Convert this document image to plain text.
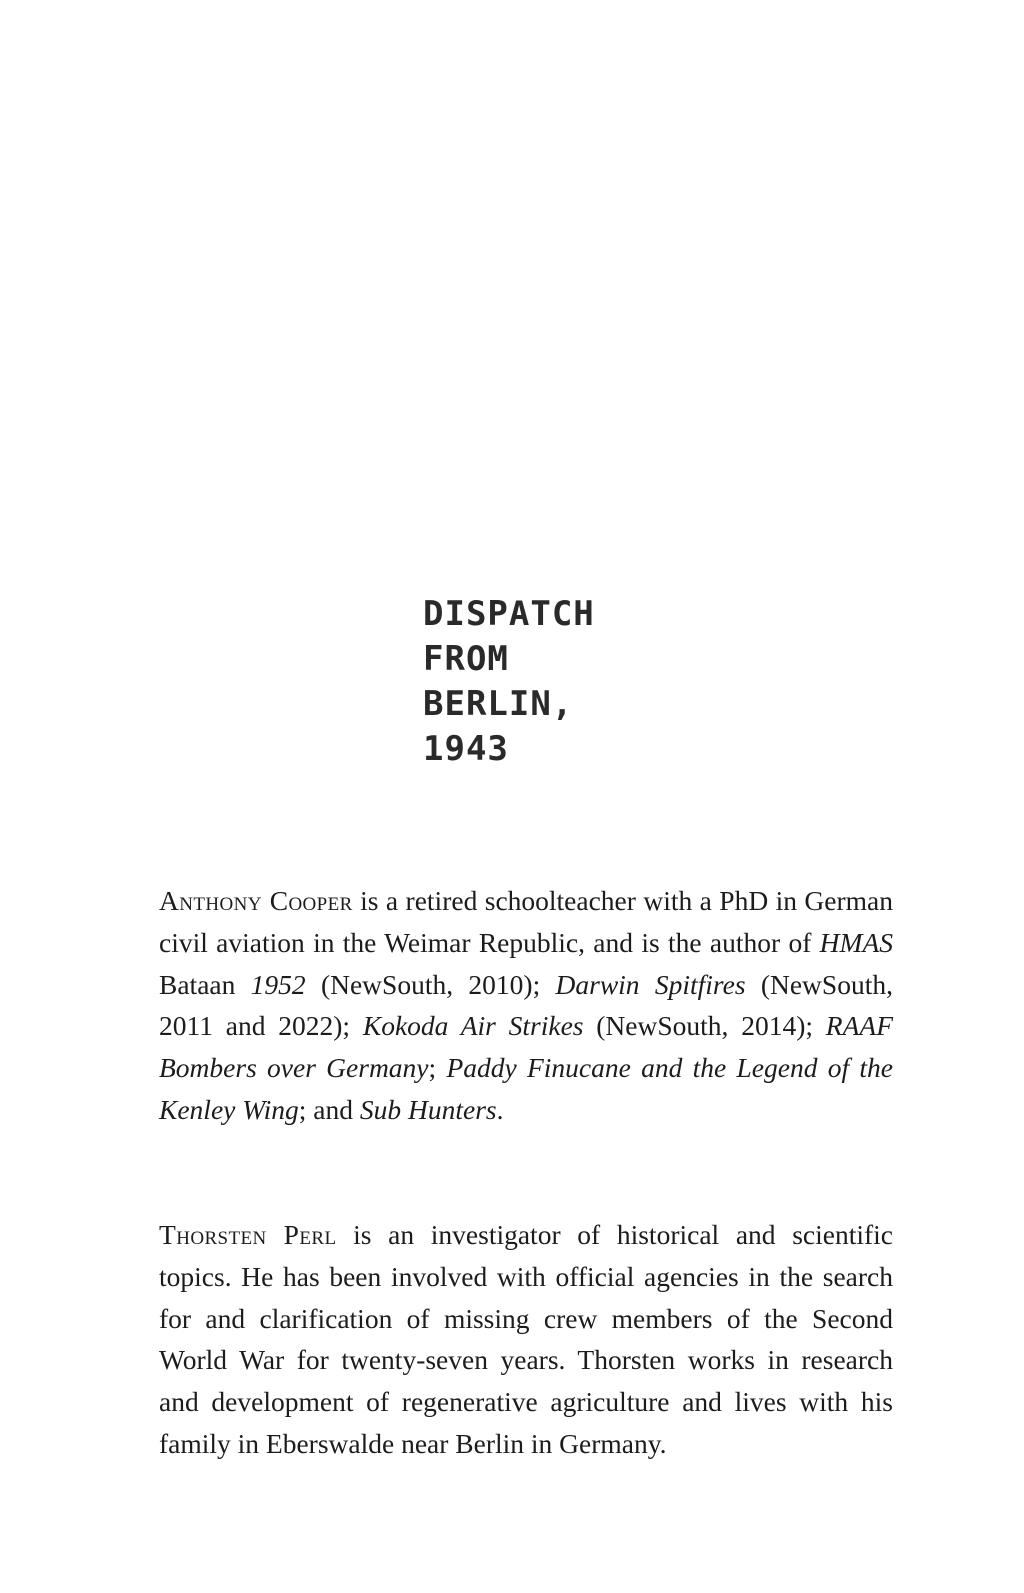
DISPATCH
FROM
BERLIN,
1943

Anthony Cooper is a retired schoolteacher with a PhD in German civil aviation in the Weimar Republic, and is the author of HMAS Bataan 1952 (NewSouth, 2010); Darwin Spitfires (NewSouth, 2011 and 2022); Kokoda Air Strikes (NewSouth, 2014); RAAF Bombers over Germany; Paddy Finucane and the Legend of the Kenley Wing; and Sub Hunters.

Thorsten Perl is an investigator of historical and scientific topics. He has been involved with official agencies in the search for and clarification of missing crew members of the Second World War for twenty-seven years. Thorsten works in research and development of regenerative agriculture and lives with his family in Eberswalde near Berlin in Germany.
